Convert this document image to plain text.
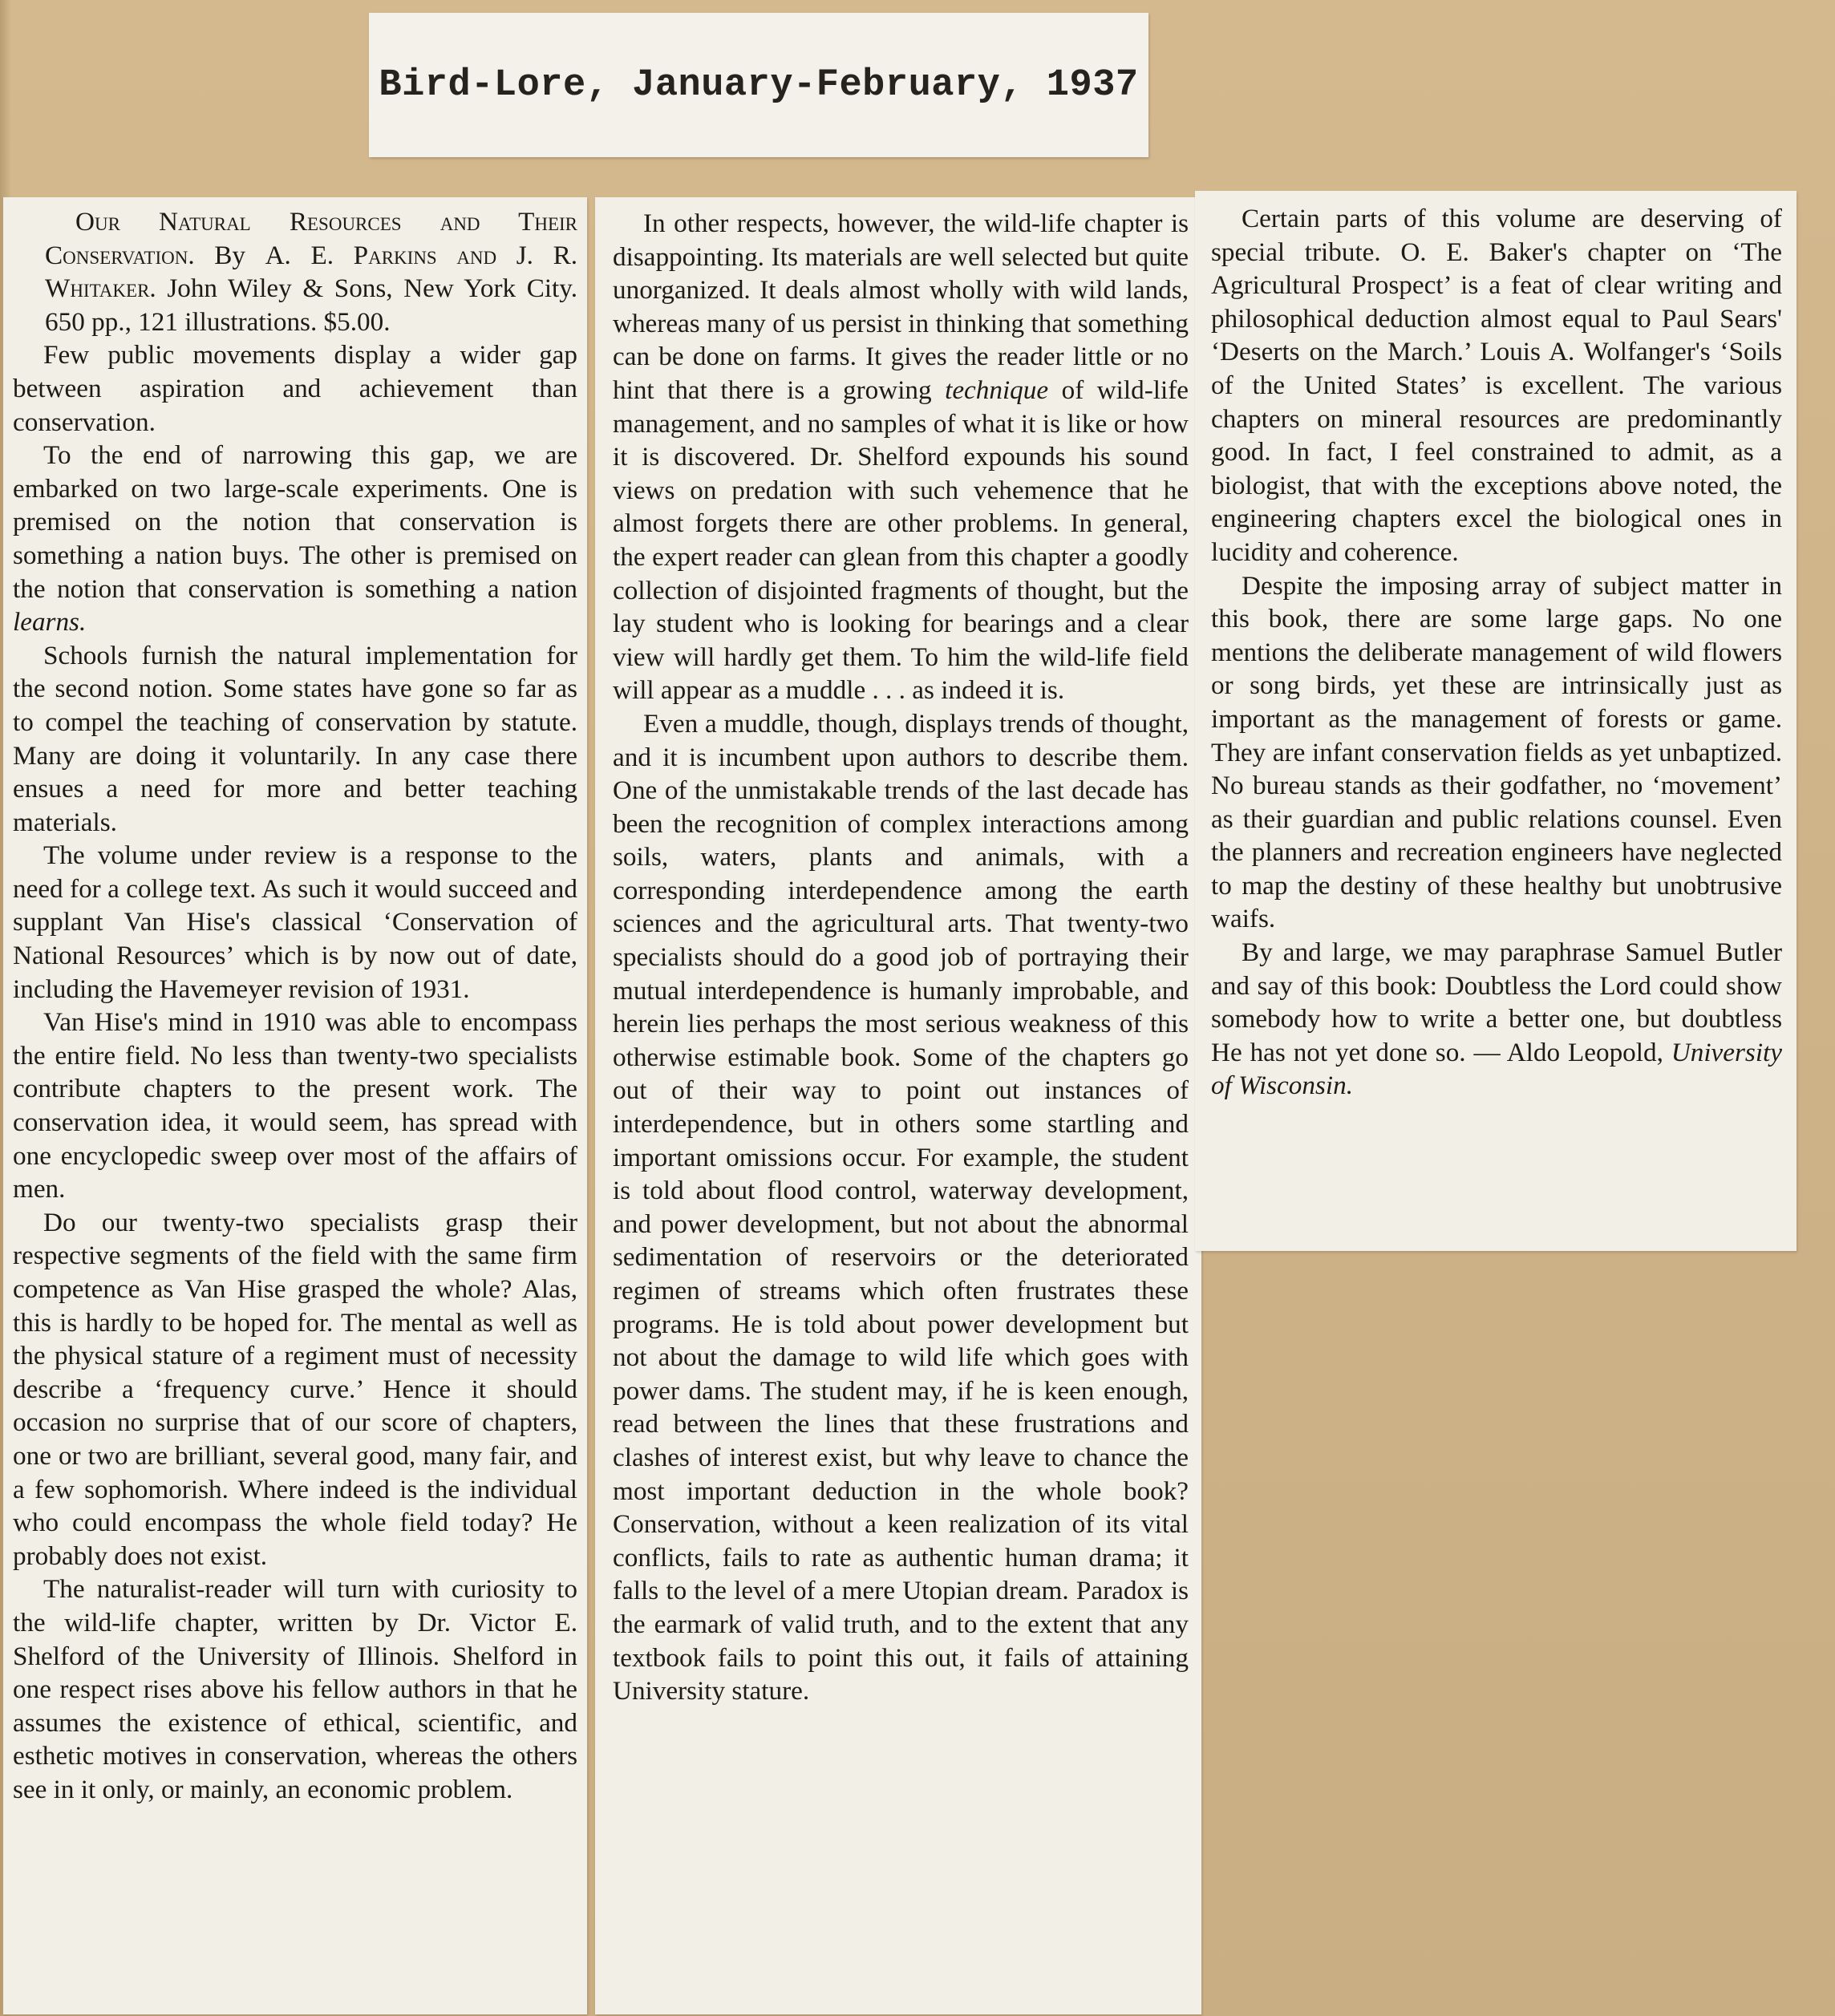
Bird-Lore, January-February, 1937

Our Natural Resources and Their Conservation. By A. E. Parkins and J. R. Whitaker. John Wiley & Sons, New York City. 650 pp., 121 illustrations. $5.00.

Few public movements display a wider gap between aspiration and achievement than conservation.

To the end of narrowing this gap, we are embarked on two large-scale experiments. One is premised on the notion that conservation is something a nation buys. The other is premised on the notion that conservation is something a nation learns.

Schools furnish the natural implementation for the second notion. Some states have gone so far as to compel the teaching of conservation by statute. Many are doing it voluntarily. In any case there ensues a need for more and better teaching materials.

The volume under review is a response to the need for a college text. As such it would succeed and supplant Van Hise's classical ‘Conservation of National Resources’ which is by now out of date, including the Havemeyer revision of 1931.

Van Hise's mind in 1910 was able to encompass the entire field. No less than twenty-two specialists contribute chapters to the present work. The conservation idea, it would seem, has spread with one encyclopedic sweep over most of the affairs of men.

Do our twenty-two specialists grasp their respective segments of the field with the same firm competence as Van Hise grasped the whole? Alas, this is hardly to be hoped for. The mental as well as the physical stature of a regiment must of necessity describe a ‘frequency curve.’ Hence it should occasion no surprise that of our score of chapters, one or two are brilliant, several good, many fair, and a few sophomorish. Where indeed is the individual who could encompass the whole field today? He probably does not exist.

The naturalist-reader will turn with curiosity to the wild-life chapter, written by Dr. Victor E. Shelford of the University of Illinois. Shelford in one respect rises above his fellow authors in that he assumes the existence of ethical, scientific, and esthetic motives in conservation, whereas the others see in it only, or mainly, an economic problem.

In other respects, however, the wild-life chapter is disappointing. Its materials are well selected but quite unorganized. It deals almost wholly with wild lands, whereas many of us persist in thinking that something can be done on farms. It gives the reader little or no hint that there is a growing technique of wild-life management, and no samples of what it is like or how it is discovered. Dr. Shelford expounds his sound views on predation with such vehemence that he almost forgets there are other problems. In general, the expert reader can glean from this chapter a goodly collection of disjointed fragments of thought, but the lay student who is looking for bearings and a clear view will hardly get them. To him the wild-life field will appear as a muddle . . . as indeed it is.

Even a muddle, though, displays trends of thought, and it is incumbent upon authors to describe them. One of the unmistakable trends of the last decade has been the recognition of complex interactions among soils, waters, plants and animals, with a corresponding interdependence among the earth sciences and the agricultural arts. That twenty-two specialists should do a good job of portraying their mutual interdependence is humanly improbable, and herein lies perhaps the most serious weakness of this otherwise estimable book. Some of the chapters go out of their way to point out instances of interdependence, but in others some startling and important omissions occur. For example, the student is told about flood control, waterway development, and power development, but not about the abnormal sedimentation of reservoirs or the deteriorated regimen of streams which often frustrates these programs. He is told about power development but not about the damage to wild life which goes with power dams. The student may, if he is keen enough, read between the lines that these frustrations and clashes of interest exist, but why leave to chance the most important deduction in the whole book? Conservation, without a keen realization of its vital conflicts, fails to rate as authentic human drama; it falls to the level of a mere Utopian dream. Paradox is the earmark of valid truth, and to the extent that any textbook fails to point this out, it fails of attaining University stature.

Certain parts of this volume are deserving of special tribute. O. E. Baker's chapter on ‘The Agricultural Prospect’ is a feat of clear writing and philosophical deduction almost equal to Paul Sears' ‘Deserts on the March.’ Louis A. Wolfanger's ‘Soils of the United States’ is excellent. The various chapters on mineral resources are predominantly good. In fact, I feel constrained to admit, as a biologist, that with the exceptions above noted, the engineering chapters excel the biological ones in lucidity and coherence.

Despite the imposing array of subject matter in this book, there are some large gaps. No one mentions the deliberate management of wild flowers or song birds, yet these are intrinsically just as important as the management of forests or game. They are infant conservation fields as yet unbaptized. No bureau stands as their godfather, no ‘movement’ as their guardian and public relations counsel. Even the planners and recreation engineers have neglected to map the destiny of these healthy but unobtrusive waifs.

By and large, we may paraphrase Samuel Butler and say of this book: Doubtless the Lord could show somebody how to write a better one, but doubtless He has not yet done so. — Aldo Leopold, University of Wisconsin.
